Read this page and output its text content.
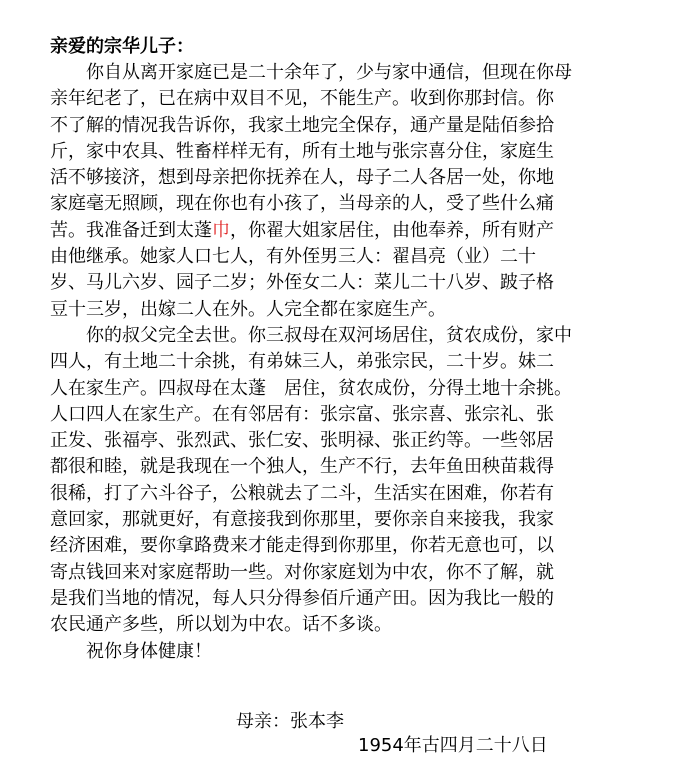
亲爱的宗华儿子：
你自从离开家庭已是二十余年了，少与家中通信，但现在你母
亲年纪老了，已在病中双目不见，不能生产。收到你那封信。你
不了解的情况我告诉你，我家土地完全保存，通产量是陆佰参拾
斤，家中农具、牲畜样样无有，所有土地与张宗喜分住，家庭生
活不够接济，想到母亲把你抚养在人，母子二人各居一处，你地
家庭毫无照顾，现在你也有小孩了，当母亲的人，受了些什么痛
苦。我准备迁到太蓬巾，你翟大姐家居住，由他奉养，所有财产
由他继承。她家人口七人，有外侄男三人：翟昌亮（业）二十
岁、马儿六岁、园子二岁；外侄女二人：菜儿二十八岁、跛子格
豆十三岁，出嫁二人在外。人完全都在家庭生产。
你的叔父完全去世。你三叔母在双河场居住，贫农成份，家中
四人，有土地二十余挑，有弟妹三人，弟张宗民，二十岁。妹二
人在家生产。四叔母在太蓬　居住，贫农成份，分得土地十余挑。
人口四人在家生产。在有邻居有：张宗富、张宗喜、张宗礼、张
正发、张福亭、张烈武、张仁安、张明禄、张正约等。一些邻居
都很和睦，就是我现在一个独人，生产不行，去年鱼田秧苗栽得
很稀，打了六斗谷子，公粮就去了二斗，生活实在困难，你若有
意回家，那就更好，有意接我到你那里，要你亲自来接我，我家
经济困难，要你拿路费来才能走得到你那里，你若无意也可，以
寄点钱回来对家庭帮助一些。对你家庭划为中农，你不了解，就
是我们当地的情况，每人只分得参佰斤通产田。因为我比一般的
农民通产多些，所以划为中农。话不多谈。
祝你身体健康！
母亲：张本李
1954年古四月二十八日
